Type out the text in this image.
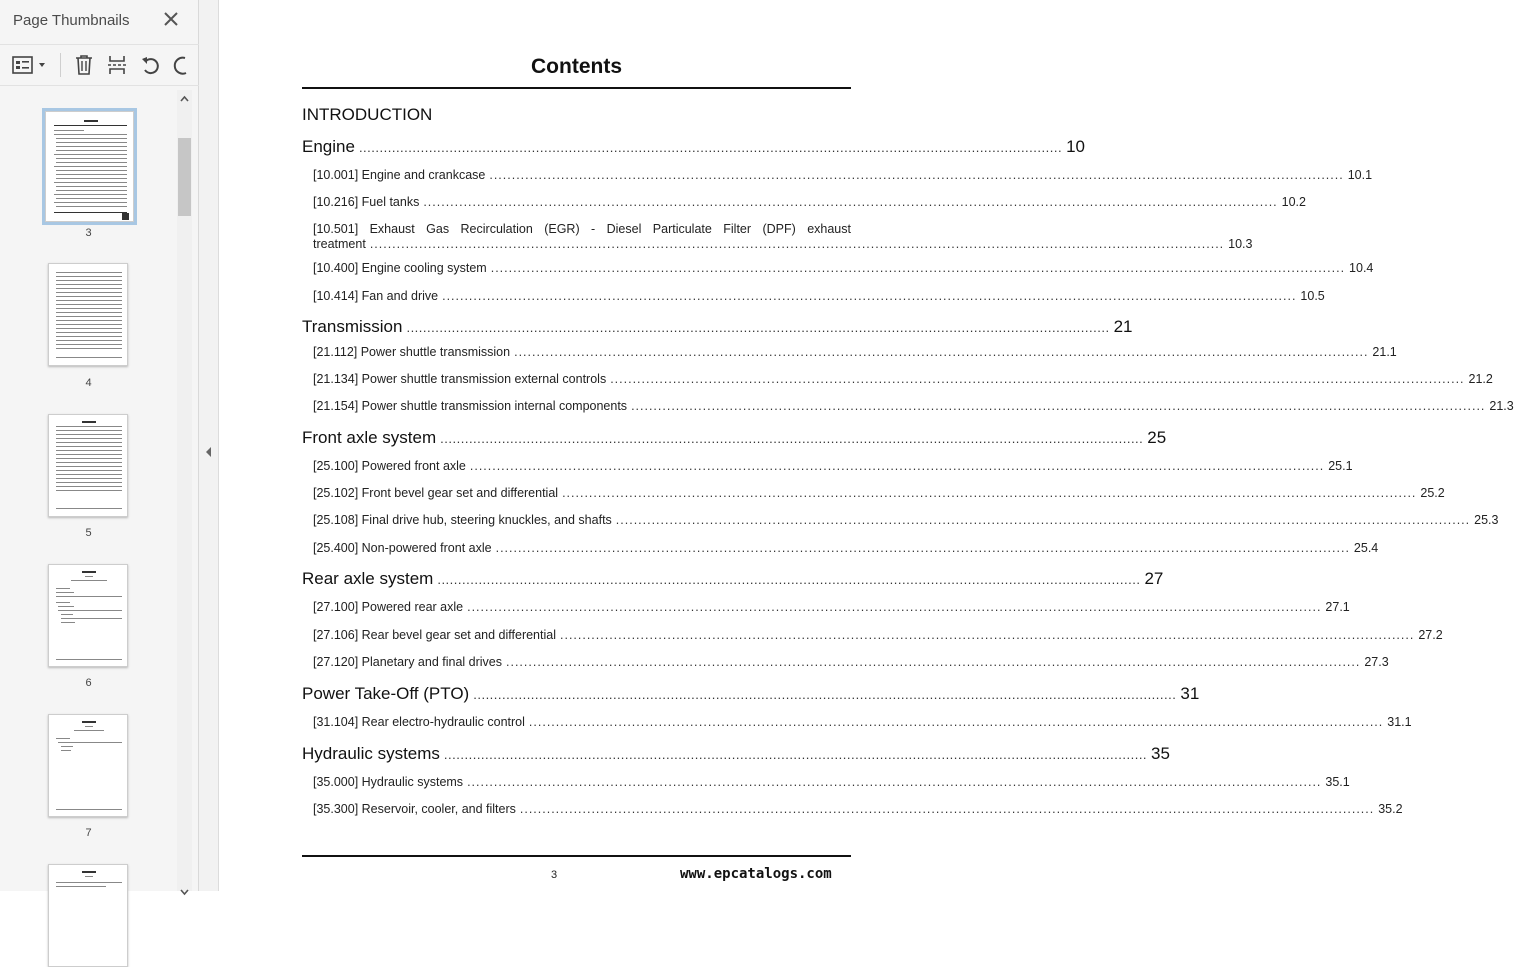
Page Thumbnails
3
4
5
6
7
Contents
INTRODUCTION
Engine ........................................................................................................................................................................... 10
[10.001] Engine and crankcase ............................................................................................................................................................................................... 10.1
[10.216] Fuel tanks ............................................................................................................................................................................................... 10.2
[10.501] Exhaust Gas Recirculation (EGR) - Diesel Particulate Filter (DPF) exhaust
treatment ............................................................................................................................................................................................... 10.3
[10.400] Engine cooling system ............................................................................................................................................................................................... 10.4
[10.414] Fan and drive ............................................................................................................................................................................................... 10.5
Transmission ........................................................................................................................................................................... 21
[21.112] Power shuttle transmission ............................................................................................................................................................................................... 21.1
[21.134] Power shuttle transmission external controls ............................................................................................................................................................................................... 21.2
[21.154] Power shuttle transmission internal components ............................................................................................................................................................................................... 21.3
Front axle system ........................................................................................................................................................................... 25
[25.100] Powered front axle ............................................................................................................................................................................................... 25.1
[25.102] Front bevel gear set and differential ............................................................................................................................................................................................... 25.2
[25.108] Final drive hub, steering knuckles, and shafts ............................................................................................................................................................................................... 25.3
[25.400] Non-powered front axle ............................................................................................................................................................................................... 25.4
Rear axle system ........................................................................................................................................................................... 27
[27.100] Powered rear axle ............................................................................................................................................................................................... 27.1
[27.106] Rear bevel gear set and differential ............................................................................................................................................................................................... 27.2
[27.120] Planetary and final drives ............................................................................................................................................................................................... 27.3
Power Take-Off (PTO) ........................................................................................................................................................................... 31
[31.104] Rear electro-hydraulic control ............................................................................................................................................................................................... 31.1
Hydraulic systems ........................................................................................................................................................................... 35
[35.000] Hydraulic systems ............................................................................................................................................................................................... 35.1
[35.300] Reservoir, cooler, and filters ............................................................................................................................................................................................... 35.2
3	www.epcatalogs.com
